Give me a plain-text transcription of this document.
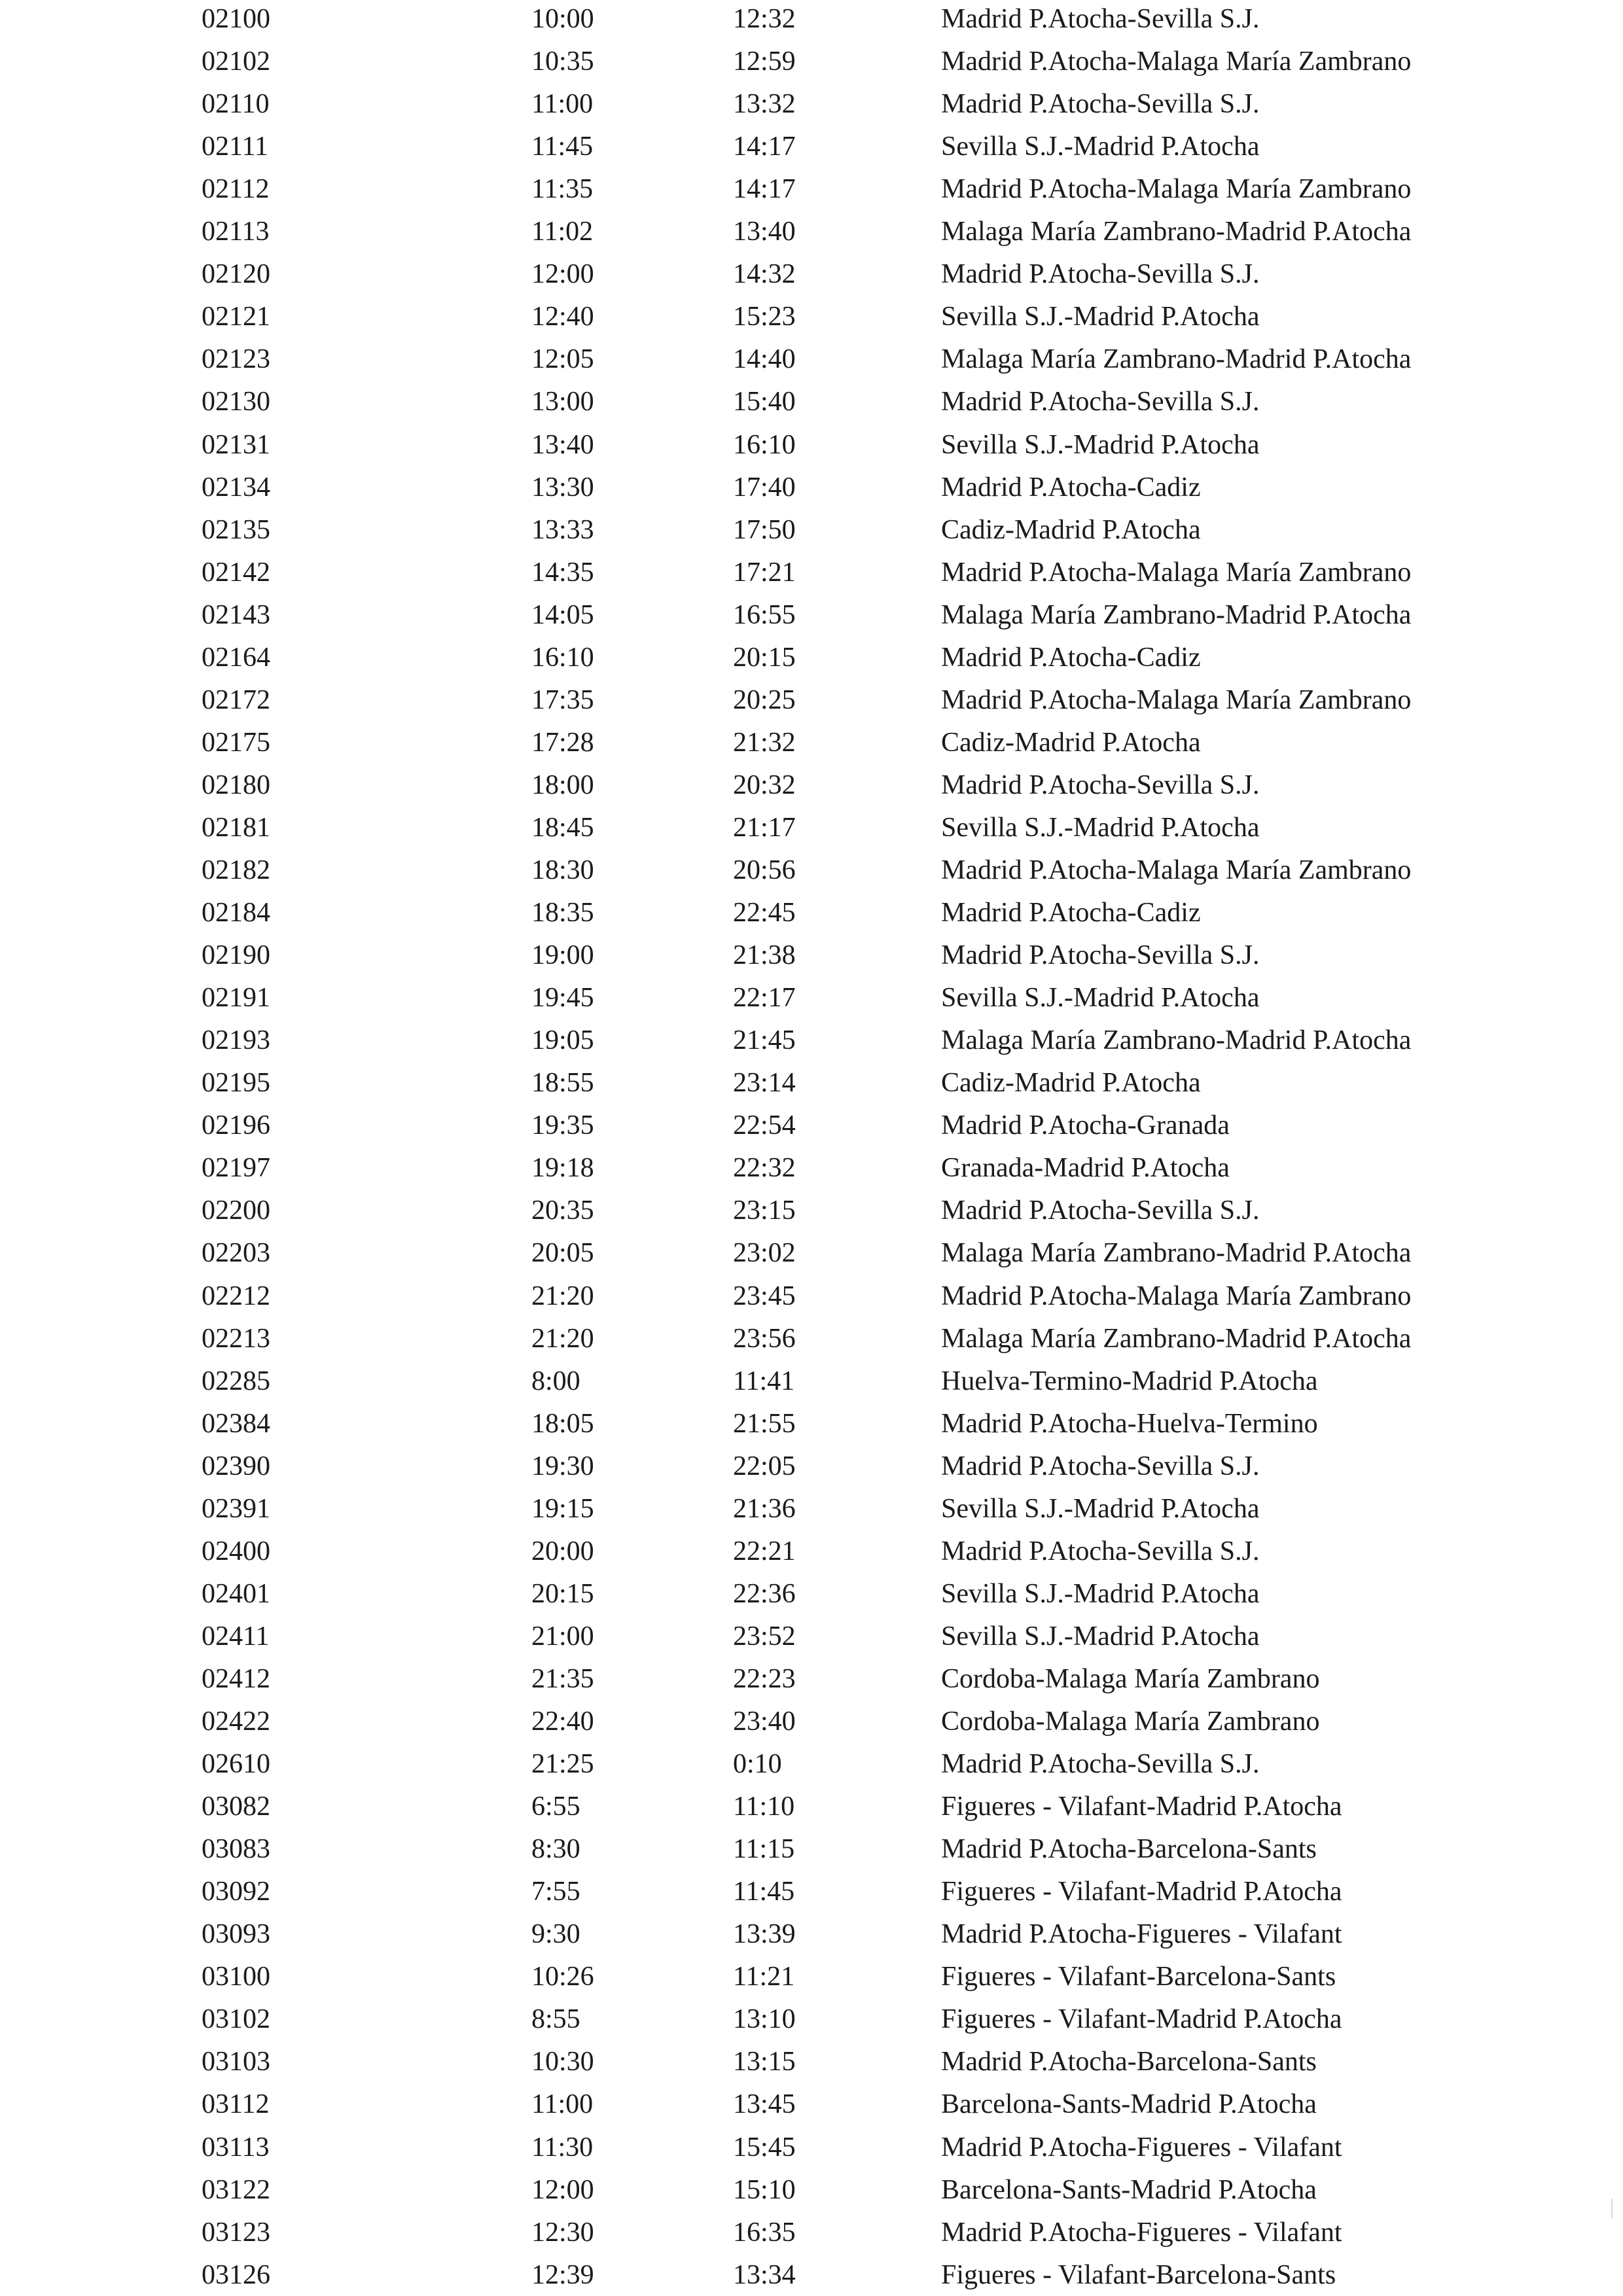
02100	10:00	12:32	Madrid P.Atocha-Sevilla S.J.
02102	10:35	12:59	Madrid P.Atocha-Malaga María Zambrano
02110	11:00	13:32	Madrid P.Atocha-Sevilla S.J.
02111	11:45	14:17	Sevilla S.J.-Madrid P.Atocha
02112	11:35	14:17	Madrid P.Atocha-Malaga María Zambrano
02113	11:02	13:40	Malaga María Zambrano-Madrid P.Atocha
02120	12:00	14:32	Madrid P.Atocha-Sevilla S.J.
02121	12:40	15:23	Sevilla S.J.-Madrid P.Atocha
02123	12:05	14:40	Malaga María Zambrano-Madrid P.Atocha
02130	13:00	15:40	Madrid P.Atocha-Sevilla S.J.
02131	13:40	16:10	Sevilla S.J.-Madrid P.Atocha
02134	13:30	17:40	Madrid P.Atocha-Cadiz
02135	13:33	17:50	Cadiz-Madrid P.Atocha
02142	14:35	17:21	Madrid P.Atocha-Malaga María Zambrano
02143	14:05	16:55	Malaga María Zambrano-Madrid P.Atocha
02164	16:10	20:15	Madrid P.Atocha-Cadiz
02172	17:35	20:25	Madrid P.Atocha-Malaga María Zambrano
02175	17:28	21:32	Cadiz-Madrid P.Atocha
02180	18:00	20:32	Madrid P.Atocha-Sevilla S.J.
02181	18:45	21:17	Sevilla S.J.-Madrid P.Atocha
02182	18:30	20:56	Madrid P.Atocha-Malaga María Zambrano
02184	18:35	22:45	Madrid P.Atocha-Cadiz
02190	19:00	21:38	Madrid P.Atocha-Sevilla S.J.
02191	19:45	22:17	Sevilla S.J.-Madrid P.Atocha
02193	19:05	21:45	Malaga María Zambrano-Madrid P.Atocha
02195	18:55	23:14	Cadiz-Madrid P.Atocha
02196	19:35	22:54	Madrid P.Atocha-Granada
02197	19:18	22:32	Granada-Madrid P.Atocha
02200	20:35	23:15	Madrid P.Atocha-Sevilla S.J.
02203	20:05	23:02	Malaga María Zambrano-Madrid P.Atocha
02212	21:20	23:45	Madrid P.Atocha-Malaga María Zambrano
02213	21:20	23:56	Malaga María Zambrano-Madrid P.Atocha
02285	8:00	11:41	Huelva-Termino-Madrid P.Atocha
02384	18:05	21:55	Madrid P.Atocha-Huelva-Termino
02390	19:30	22:05	Madrid P.Atocha-Sevilla S.J.
02391	19:15	21:36	Sevilla S.J.-Madrid P.Atocha
02400	20:00	22:21	Madrid P.Atocha-Sevilla S.J.
02401	20:15	22:36	Sevilla S.J.-Madrid P.Atocha
02411	21:00	23:52	Sevilla S.J.-Madrid P.Atocha
02412	21:35	22:23	Cordoba-Malaga María Zambrano
02422	22:40	23:40	Cordoba-Malaga María Zambrano
02610	21:25	0:10	Madrid P.Atocha-Sevilla S.J.
03082	6:55	11:10	Figueres - Vilafant-Madrid P.Atocha
03083	8:30	11:15	Madrid P.Atocha-Barcelona-Sants
03092	7:55	11:45	Figueres - Vilafant-Madrid P.Atocha
03093	9:30	13:39	Madrid P.Atocha-Figueres - Vilafant
03100	10:26	11:21	Figueres - Vilafant-Barcelona-Sants
03102	8:55	13:10	Figueres - Vilafant-Madrid P.Atocha
03103	10:30	13:15	Madrid P.Atocha-Barcelona-Sants
03112	11:00	13:45	Barcelona-Sants-Madrid P.Atocha
03113	11:30	15:45	Madrid P.Atocha-Figueres - Vilafant
03122	12:00	15:10	Barcelona-Sants-Madrid P.Atocha
03123	12:30	16:35	Madrid P.Atocha-Figueres - Vilafant
03126	12:39	13:34	Figueres - Vilafant-Barcelona-Sants
